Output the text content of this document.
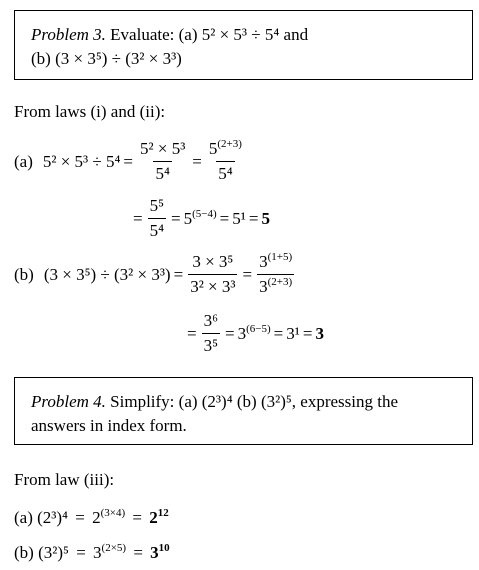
Problem 3. Evaluate: (a) 5² × 5³ ÷ 5⁴ and
(b) (3 × 3⁵) ÷ (3² × 3³)
From laws (i) and (ii):
(a) $5^2 \times 5^3 \div 5^4 = \frac{\text{5² × 5³}}{\text{5⁴}} = \frac{5^{(2+3)}}{\text{5⁴}}$
= $\frac{\text{5⁵}}{\text{5⁴}} = 5^{(5-4)} = 5^1 = 5$
(b) $(3 \times 3^5) \div (3^2 \times 3^3) = \frac{\text{3 × 3⁵}}{\text{3² × 3³}} = \frac{3^{(1+5)}}{3^{(2+3)}}$
= $\frac{\text{3⁶}}{\text{3⁵}} = 3^{(6-5)} = 3^1 = 3$
Problem 4. Simplify: (a) (2³)⁴ (b) (3²)⁵, expressing the
answers in index form.
From law (iii):
(a) $(2^3)^4 = 2^{(3\times 4)} = 2^{12}$
(b) $(3^2)^5 = 3^{(2\times 5)} = 3^{10}$
